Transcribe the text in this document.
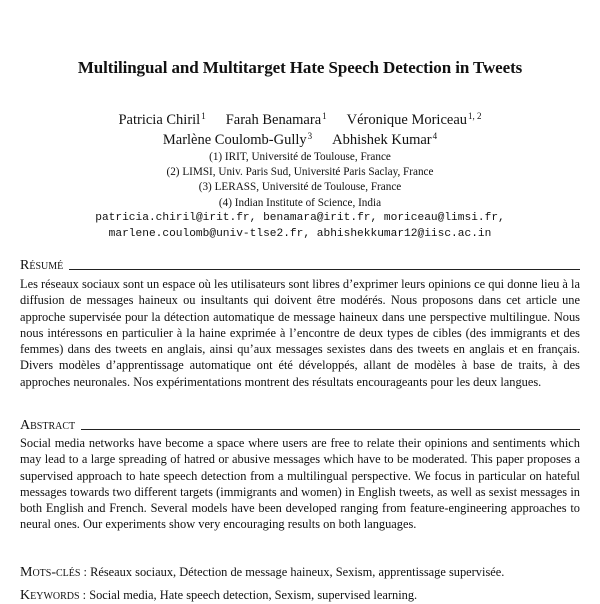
Multilingual and Multitarget Hate Speech Detection in Tweets
Patricia Chiril$^1$ Farah Benamara$^1$ Véronique Moriceau$^{1, 2}$
Marlène Coulomb-Gully$^3$ Abhishek Kumar$^4$
(1) IRIT, Université de Toulouse, France
(2) LIMSI, Univ. Paris Sud, Université Paris Saclay, France
(3) LERASS, Université de Toulouse, France
(4) Indian Institute of Science, India
patricia.chiril@irit.fr, benamara@irit.fr, moriceau@limsi.fr,
marlene.coulomb@univ-tlse2.fr, abhishekkumar12@iisc.ac.in
Résumé
Les réseaux sociaux sont un espace où les utilisateurs sont libres d’exprimer leurs opinions ce qui donne lieu à la diffusion de messages haineux ou insultants qui doivent être modérés. Nous proposons dans cet article une approche supervisée pour la détection automatique de message haineux dans une perspective multilingue. Nous nous intéressons en particulier à la haine exprimée à l’encontre de deux types de cibles (des immigrants et des femmes) dans des tweets en anglais, ainsi qu’aux messages sexistes dans des tweets en anglais et en français. Divers modèles d’apprentissage automatique ont été développés, allant de modèles à base de traits, à des approches neuronales. Nos expérimentations montrent des résultats encourageants pour les deux langues.
Abstract
Social media networks have become a space where users are free to relate their opinions and sentiments which may lead to a large spreading of hatred or abusive messages which have to be moderated. This paper proposes a supervised approach to hate speech detection from a multilingual perspective. We focus in particular on hateful messages towards two different targets (immigrants and women) in English tweets, as well as sexist messages in both English and French. Several models have been developed ranging from feature-engineering approaches to neural ones. Our experiments show very encouraging results on both languages.
Mots-clés : Réseaux sociaux, Détection de message haineux, Sexism, apprentissage supervisée.
Keywords : Social media, Hate speech detection, Sexism, supervised learning.
